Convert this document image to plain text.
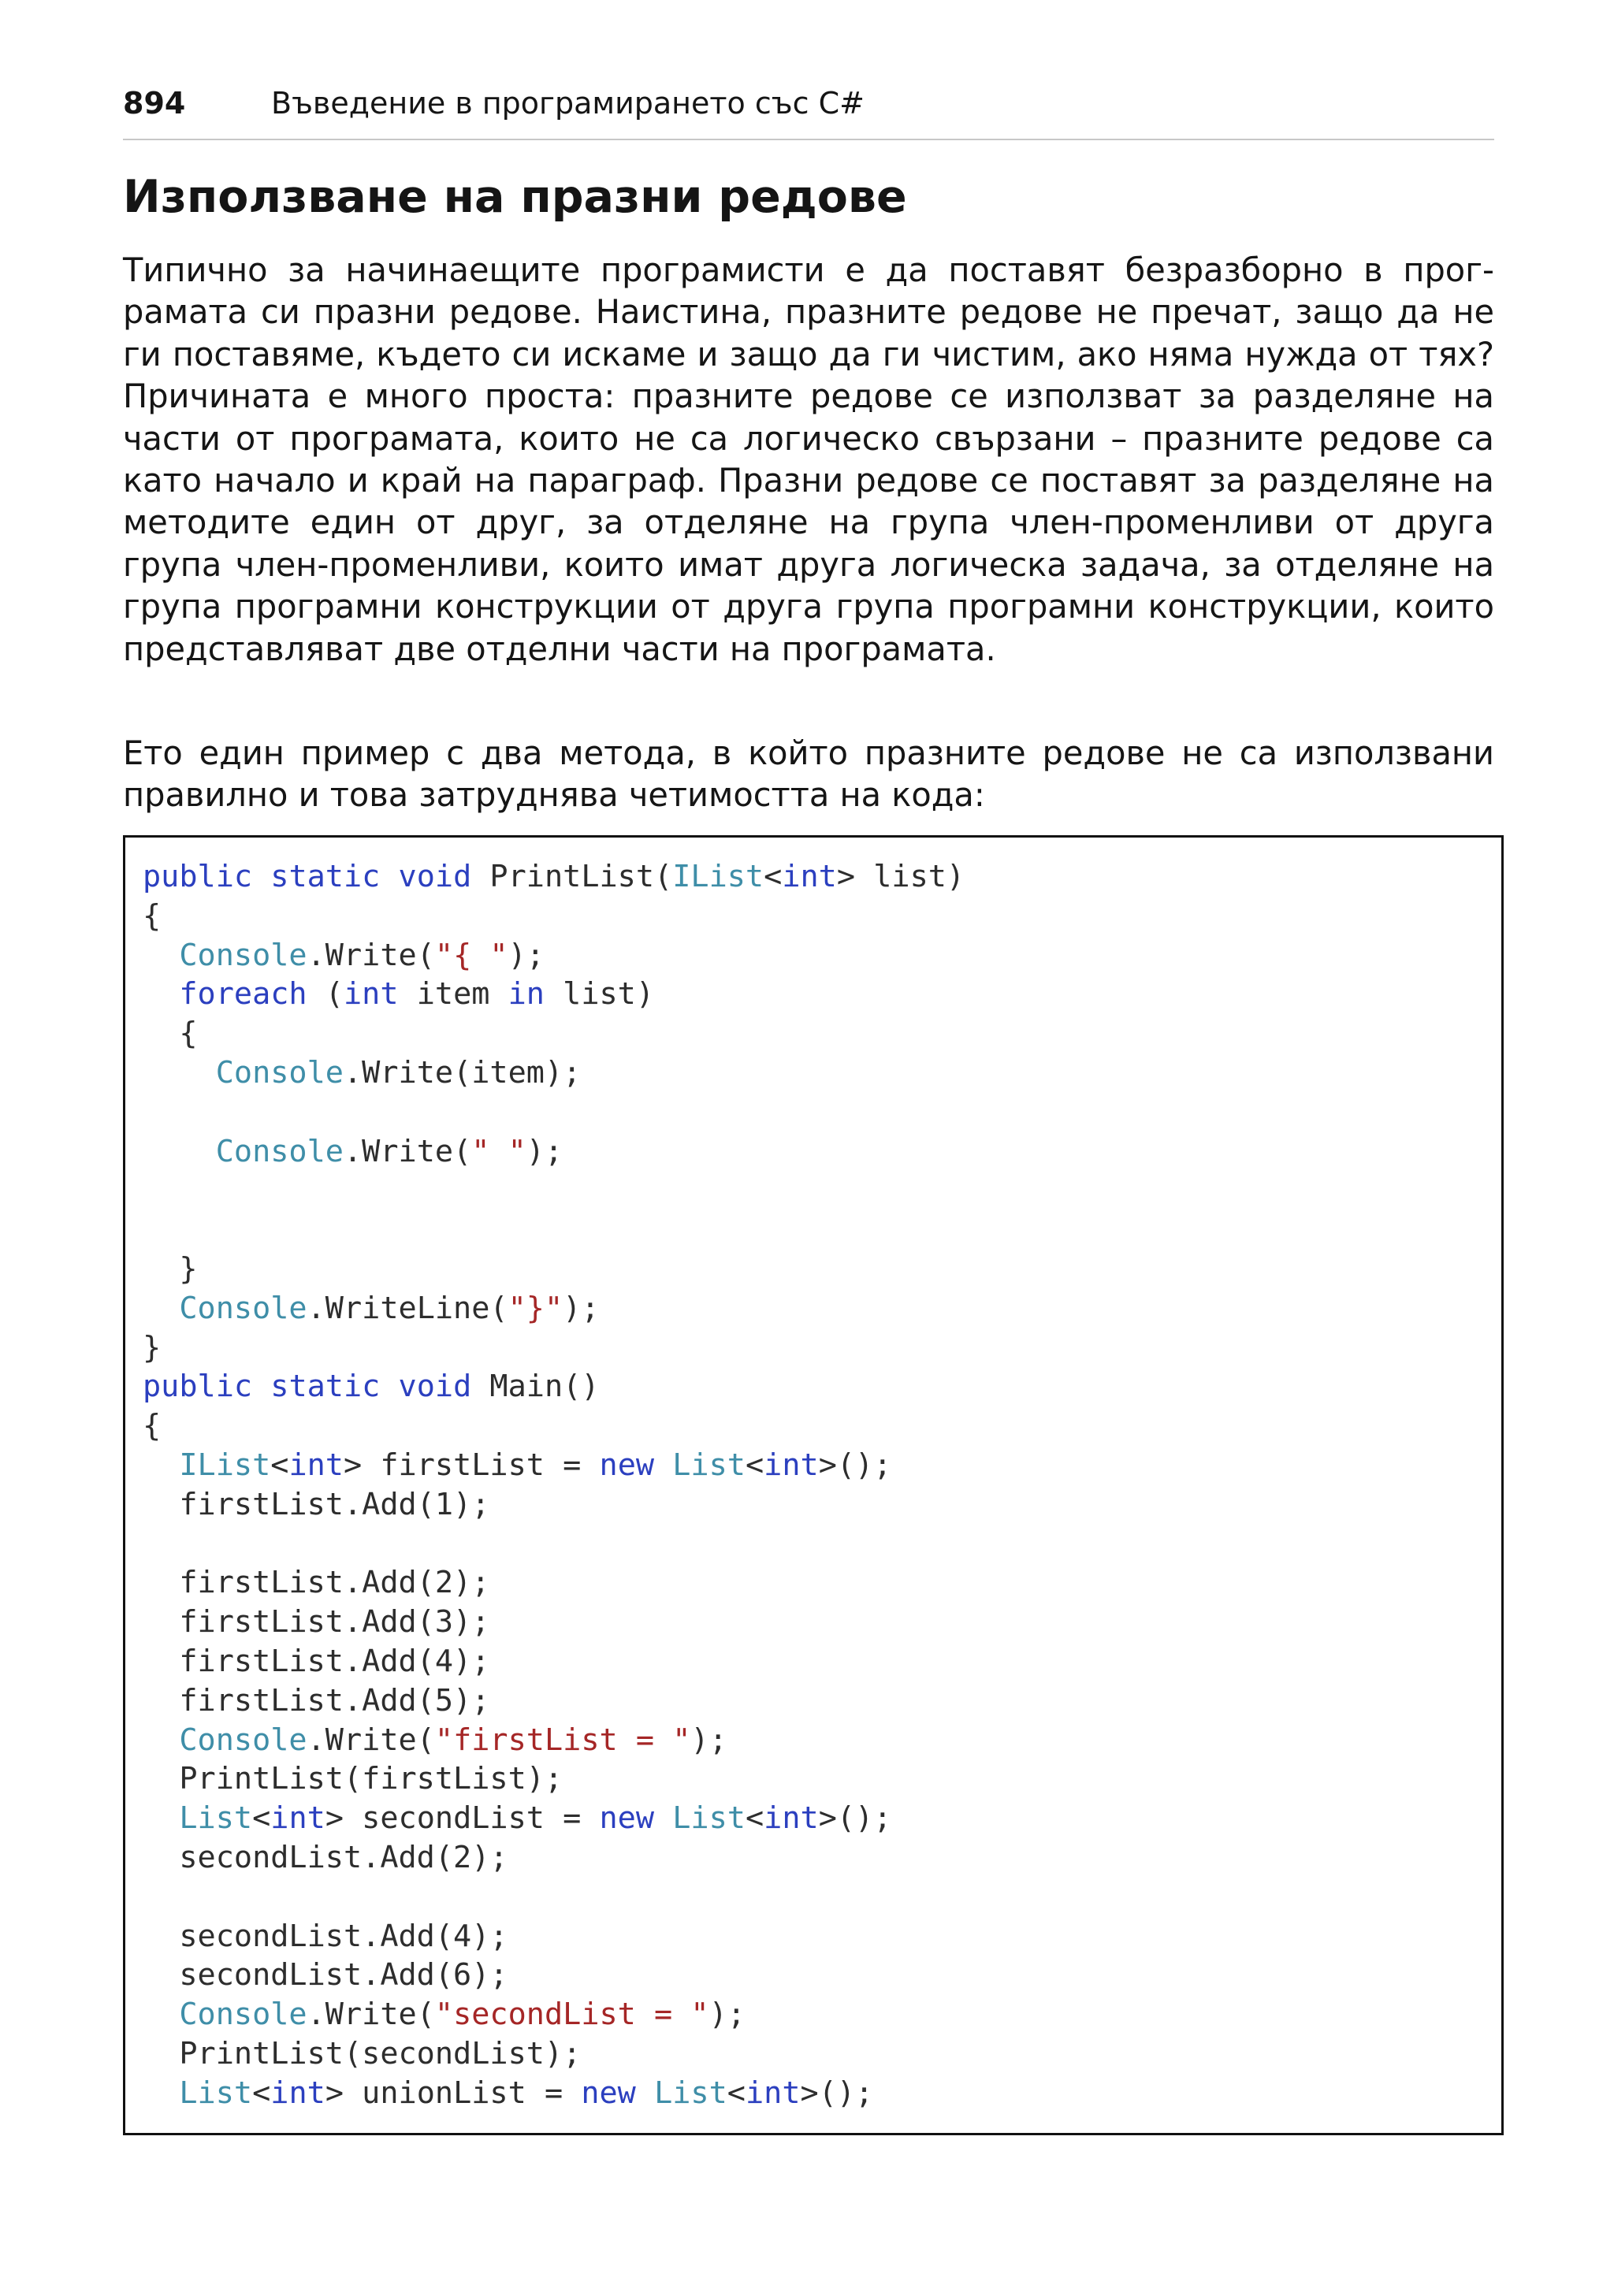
894	Въведение в програмирането със C#
Използване на празни редове

Типично за начинаещите програмисти е да поставят безразборно в програмата си празни редове. Наистина, празните редове не пречат, защо да не ги поставяме, където си искаме и защо да ги чистим, ако няма нужда от тях? Причината е много проста: празните редове се използват за разделяне на части от програмата, които не са логическо свързани – празните редове са като начало и край на параграф. Празни редове се поставят за разделяне на методите един от друг, за отделяне на група член-променливи от друга група член-променливи, които имат друга логическа задача, за отделяне на група програмни конструкции от друга група програмни конструкции, които представляват две отделни части на програмата.

Ето един пример с два метода, в който празните редове не са използвани правилно и това затруднява четимостта на кода:

public static void PrintList(IList<int> list)
{
Console.Write("{ ");
foreach (int item in list)
{
Console.Write(item);
Console.Write(" ");
}
Console.WriteLine("}");
}
public static void Main()
{
IList<int> firstList = new List<int>();
firstList.Add(1);
firstList.Add(2);
firstList.Add(3);
firstList.Add(4);
firstList.Add(5);
Console.Write("firstList = ");
PrintList(firstList);
List<int> secondList = new List<int>();
secondList.Add(2);
secondList.Add(4);
secondList.Add(6);
Console.Write("secondList = ");
PrintList(secondList);
List<int> unionList = new List<int>();
